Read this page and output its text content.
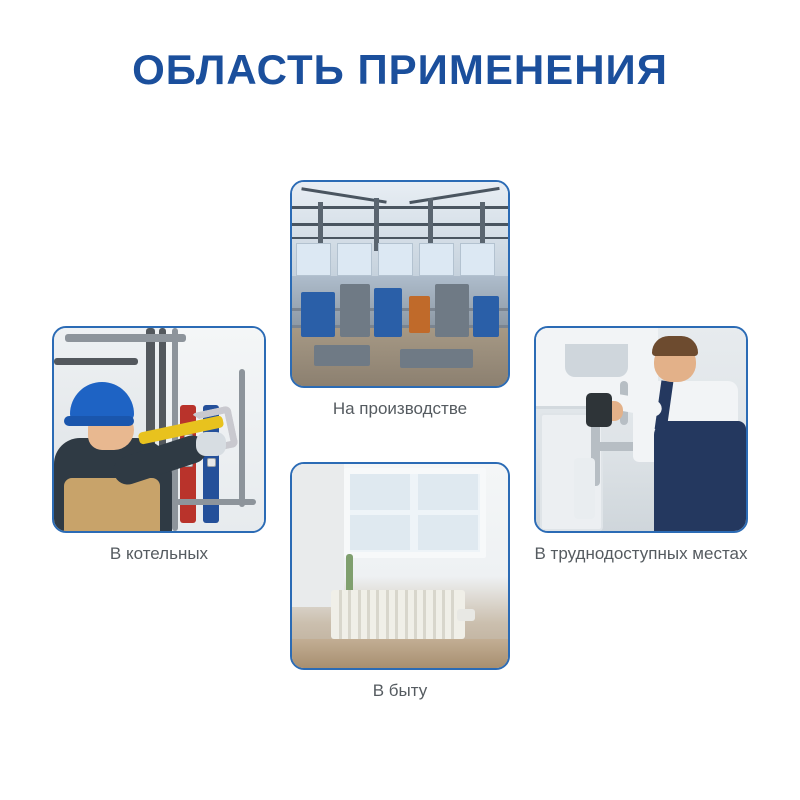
ОБЛАСТЬ ПРИМЕНЕНИЯ
В котельных
На производстве
В труднодоступных местах
В быту
